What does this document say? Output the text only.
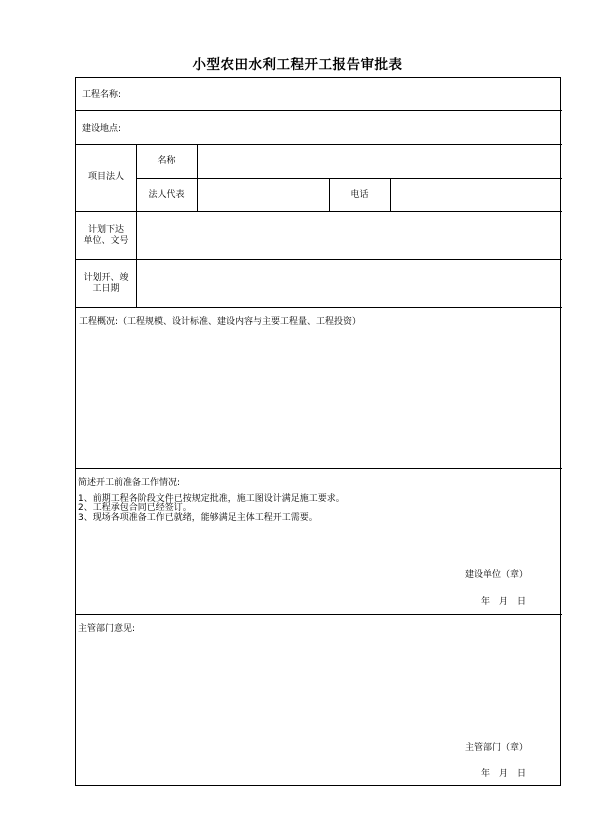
小型农田水利工程开工报告审批表
工程名称:
建设地点:
项目法人
名称
法人代表	电话
计划下达
单位、文号
计划开、竣
工日期
工程概况:（工程规模、设计标准、建设内容与主要工程量、工程投资）
简述开工前准备工作情况:
1、前期工程各阶段文件已按规定批准，施工图设计满足施工要求。
2、工程承包合同已经签订。
3、现场各项准备工作已就绪，能够满足主体工程开工需要。
建设单位（章）
年　月　日
主管部门意见:
主管部门（章）
年　月　日
